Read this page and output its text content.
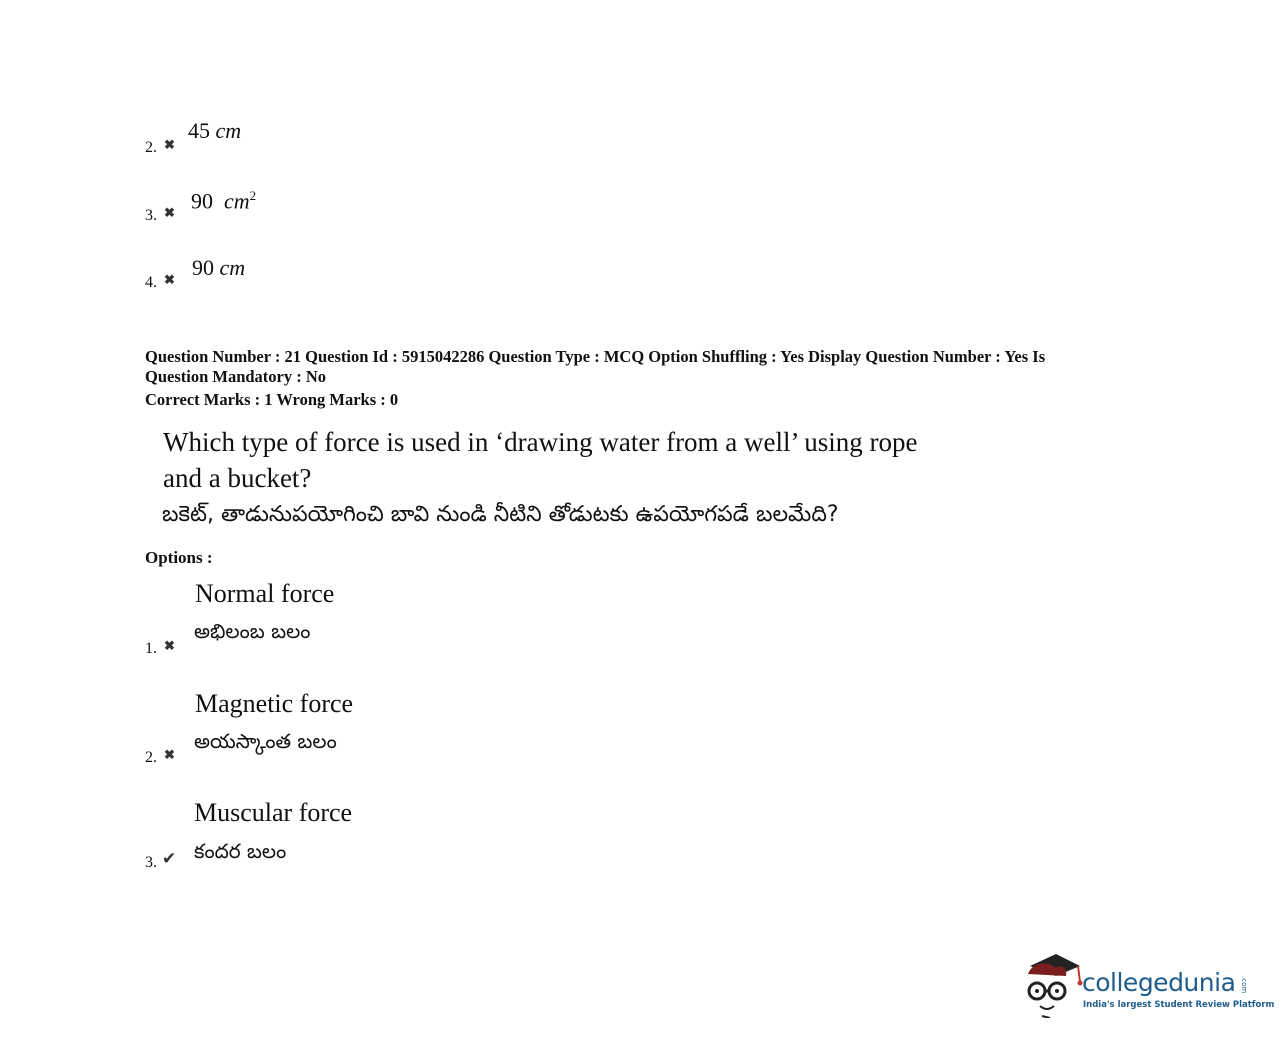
2. ✖
45 cm
3. ✖ 90 $cm^2$
4. ✖ 90 cm
Question Number : 21 Question Id : 5915042286 Question Type : MCQ Option Shuffling : Yes Display Question Number : Yes Is
Question Mandatory : No
Correct Marks : 1 Wrong Marks : 0
Which type of force is used in ‘drawing water from a well’ using rope
and a bucket?
బకెట్, తాడునుపయోగించి బావి నుండి నీటిని తోడుటకు ఉపయోగపడే బలమేది?
Options :
Normal force
అభిలంబ బలం
1. ✖
Magnetic force
అయస్కాంత బలం
2. ✖
Muscular force
కందర బలం
3. ✔
collegedunia .com
India's largest Student Review Platform
